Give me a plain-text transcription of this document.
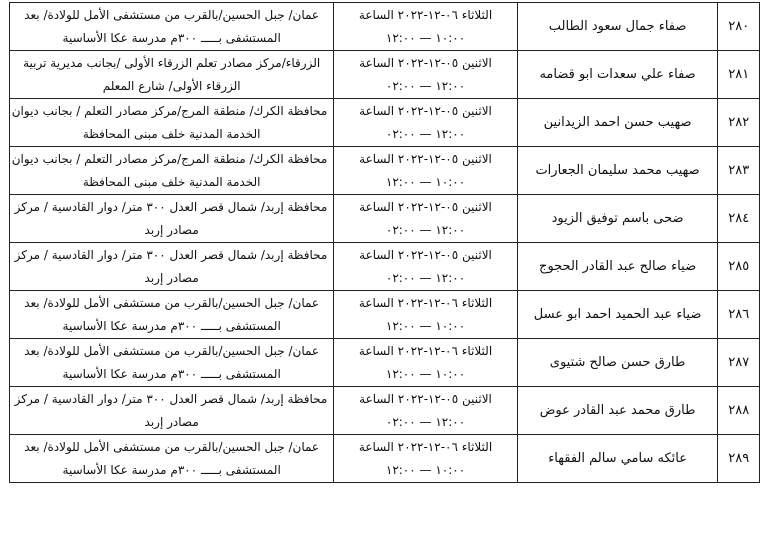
عمان/ جبل الحسين/بالقرب من مستشفى الأمل للولادة/ بعد
المستشفى بـــــ ٣٠٠م مدرسة عكا الأساسية	الثلاثاء ٠٦-١٢-٢٠٢٢ الساعة
١٠:٠٠ — ١٢:٠٠	صفاء جمال سعود الطالب	٢٨٠

الزرقاء/مركز مصادر تعلم الزرقاء الأولى /بجانب مديرية تربية
الزرقاء الأولى/ شارع المعلم	الاثنين ٠٥-١٢-٢٠٢٢ الساعة
١٢:٠٠ — ٠٢:٠٠	صفاء علي سعدات ابو قضامه	٢٨١

محافظة الكرك/ منطقة المرج/مركز مصادر التعلم / بجانب ديوان
الخدمة المدنية خلف مبنى المحافظة	الاثنين ٠٥-١٢-٢٠٢٢ الساعة
١٢:٠٠ — ٠٢:٠٠	صهيب حسن احمد الزيدانين	٢٨٢

محافظة الكرك/ منطقة المرج/مركز مصادر التعلم / بجانب ديوان
الخدمة المدنية خلف مبنى المحافظة	الاثنين ٠٥-١٢-٢٠٢٢ الساعة
١٠:٠٠ — ١٢:٠٠	صهيب محمد سليمان الجعارات	٢٨٣

محافظة إربد/ شمال قصر العدل ٣٠٠ متر/ دوار القادسية / مركز
مصادر إربد	الاثنين ٠٥-١٢-٢٠٢٢ الساعة
١٢:٠٠ — ٠٢:٠٠	ضحى باسم توفيق الزيود	٢٨٤

محافظة إربد/ شمال قصر العدل ٣٠٠ متر/ دوار القادسية / مركز
مصادر إربد	الاثنين ٠٥-١٢-٢٠٢٢ الساعة
١٢:٠٠ — ٠٢:٠٠	ضياء صالح عبد القادر الحجوج	٢٨٥

عمان/ جبل الحسين/بالقرب من مستشفى الأمل للولادة/ بعد
المستشفى بـــــ ٣٠٠م مدرسة عكا الأساسية	الثلاثاء ٠٦-١٢-٢٠٢٢ الساعة
١٠:٠٠ — ١٢:٠٠	ضياء عبد الحميد احمد ابو عسل	٢٨٦

عمان/ جبل الحسين/بالقرب من مستشفى الأمل للولادة/ بعد
المستشفى بـــــ ٣٠٠م مدرسة عكا الأساسية	الثلاثاء ٠٦-١٢-٢٠٢٢ الساعة
١٠:٠٠ — ١٢:٠٠	طارق حسن صالح شتيوى	٢٨٧

محافظة إربد/ شمال قصر العدل ٣٠٠ متر/ دوار القادسية / مركز
مصادر إربد	الاثنين ٠٥-١٢-٢٠٢٢ الساعة
١٢:٠٠ — ٠٢:٠٠	طارق محمد عبد القادر عوض	٢٨٨

عمان/ جبل الحسين/بالقرب من مستشفى الأمل للولادة/ بعد
المستشفى بـــــ ٣٠٠م مدرسة عكا الأساسية	الثلاثاء ٠٦-١٢-٢٠٢٢ الساعة
١٠:٠٠ — ١٢:٠٠	عائكه سامي سالم الفقهاء	٢٨٩
